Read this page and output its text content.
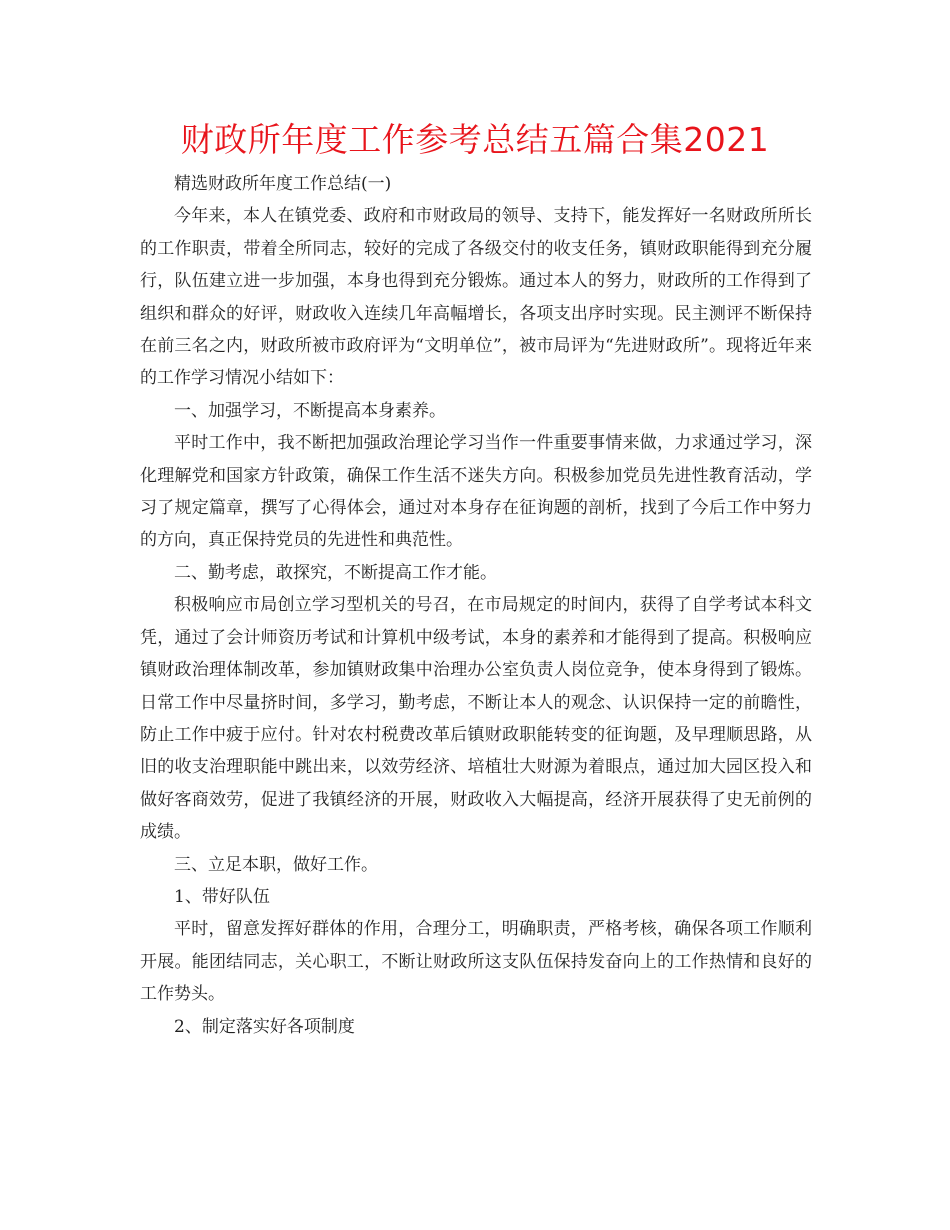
财政所年度工作参考总结五篇合集2021

精选财政所年度工作总结(一)

今年来，本人在镇党委、政府和市财政局的领导、支持下，能发挥好一名财政所所长的工作职责，带着全所同志，较好的完成了各级交付的收支任务，镇财政职能得到充分履行，队伍建立进一步加强，本身也得到充分锻炼。通过本人的努力，财政所的工作得到了组织和群众的好评，财政收入连续几年高幅增长，各项支出序时实现。民主测评不断保持在前三名之内，财政所被市政府评为“文明单位”，被市局评为“先进财政所”。现将近年来的工作学习情况小结如下：

一、加强学习，不断提高本身素养。

平时工作中，我不断把加强政治理论学习当作一件重要事情来做，力求通过学习，深化理解党和国家方针政策，确保工作生活不迷失方向。积极参加党员先进性教育活动，学习了规定篇章，撰写了心得体会，通过对本身存在征询题的剖析，找到了今后工作中努力的方向，真正保持党员的先进性和典范性。

二、勤考虑，敢探究，不断提高工作才能。

积极响应市局创立学习型机关的号召，在市局规定的时间内，获得了自学考试本科文凭，通过了会计师资历考试和计算机中级考试，本身的素养和才能得到了提高。积极响应镇财政治理体制改革，参加镇财政集中治理办公室负责人岗位竞争，使本身得到了锻炼。日常工作中尽量挤时间，多学习，勤考虑，不断让本人的观念、认识保持一定的前瞻性，防止工作中疲于应付。针对农村税费改革后镇财政职能转变的征询题，及早理顺思路，从旧的收支治理职能中跳出来，以效劳经济、培植壮大财源为着眼点，通过加大园区投入和做好客商效劳，促进了我镇经济的开展，财政收入大幅提高，经济开展获得了史无前例的成绩。

三、立足本职，做好工作。

1、带好队伍

平时，留意发挥好群体的作用，合理分工，明确职责，严格考核，确保各项工作顺利开展。能团结同志，关心职工，不断让财政所这支队伍保持发奋向上的工作热情和良好的工作势头。

2、制定落实好各项制度
